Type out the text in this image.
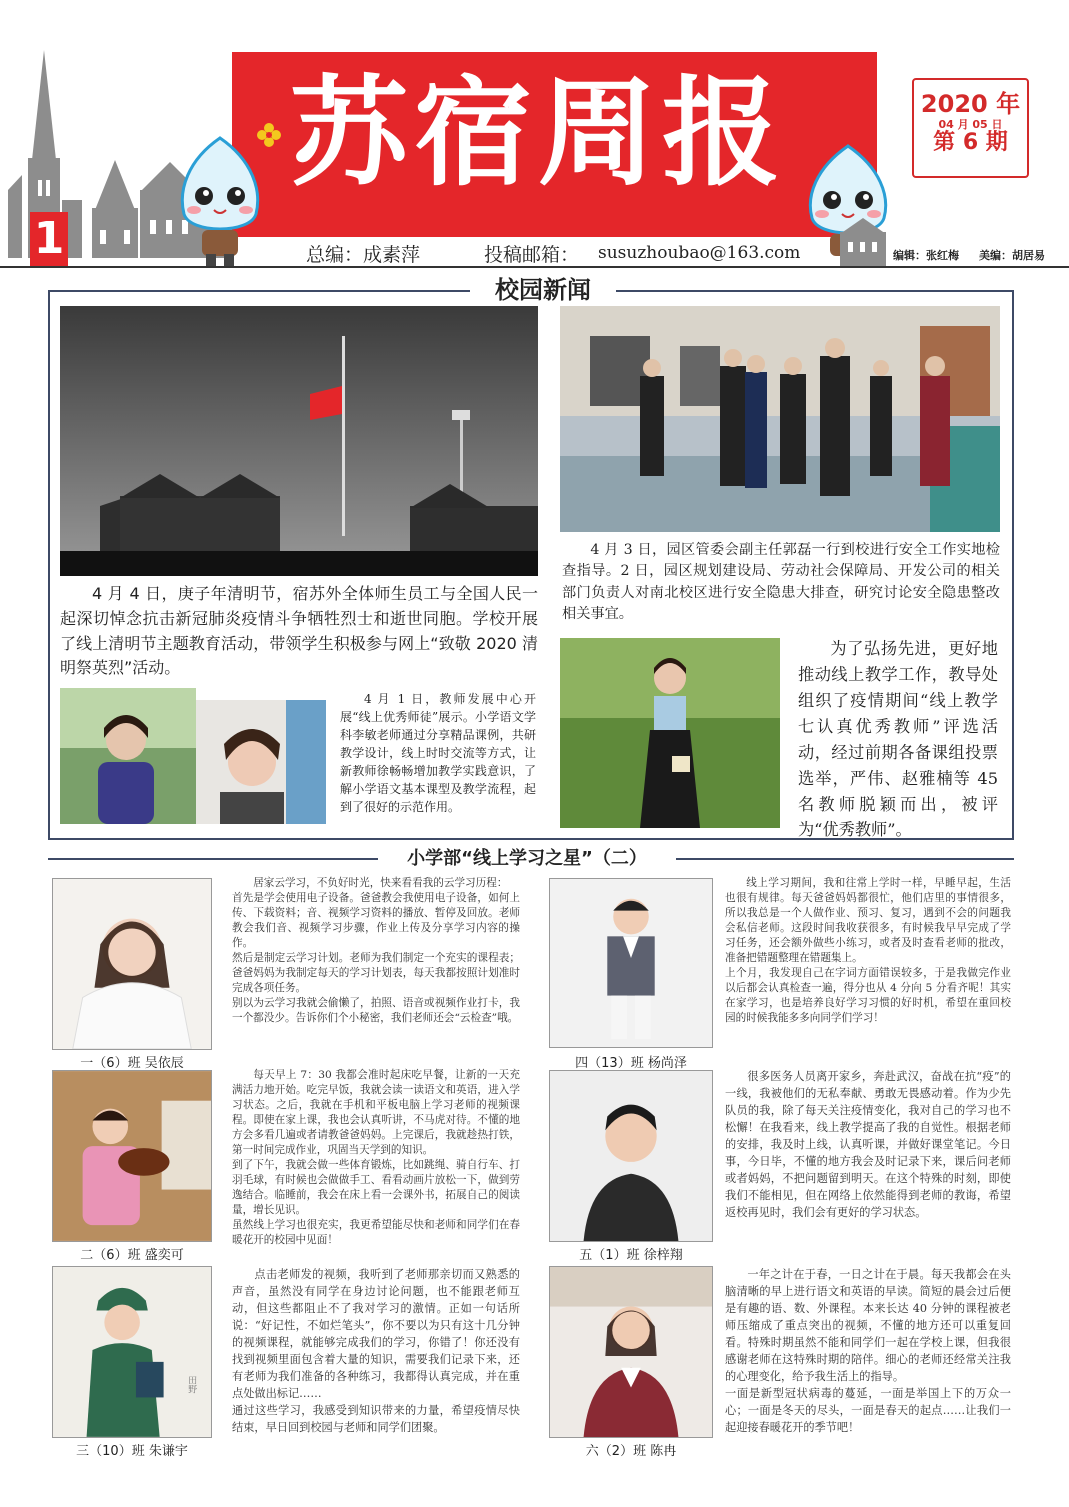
苏宿周报	2020 年
04 月 05 日
第 6 期
1	总编：成素萍	投稿邮箱： susuzhoubao@163.com	编辑：张红梅 美编：胡居易
校园新闻
4 月 4 日，庚子年清明节，宿苏外全体师生员工与全国人民一起深切悼念抗击新冠肺炎疫情斗争牺牲烈士和逝世同胞。学校开展了线上清明节主题教育活动，带领学生积极参与网上“致敬 2020 清明祭英烈”活动。
4 月 3 日，园区管委会副主任郭磊一行到校进行安全工作实地检查指导。2 日，园区规划建设局、劳动社会保障局、开发公司的相关部门负责人对南北校区进行安全隐患大排查，研究讨论安全隐患整改相关事宜。
4 月 1 日，教师发展中心开展“线上优秀师徒”展示。小学语文学科李敏老师通过分享精品课例，共研教学设计，线上时时交流等方式，让新教师徐畅畅增加教学实践意识，了解小学语文基本课型及教学流程，起到了很好的示范作用。
为了弘扬先进，更好地推动线上教学工作，教导处组织了疫情期间“线上教学七认真优秀教师”评选活动，经过前期各备课组投票选举，严伟、赵雅楠等 45 名教师脱颖而出，被评为“优秀教师”。
小学部“线上学习之星”（二）
一（6）班 吴依辰
居家云学习，不负好时光，快来看看我的云学习历程：
首先是学会使用电子设备。爸爸教会我使用电子设备，如何上传、下载资料；音、视频学习资料的播放、暂停及回放。老师教会我们音、视频学习步骤，作业上传及分享学习内容的操作。
然后是制定云学习计划。老师为我们制定一个充实的课程表；爸爸妈妈为我制定每天的学习计划表，每天我都按照计划准时完成各项任务。
别以为云学习我就会偷懒了，拍照、语音或视频作业打卡，我一个都没少。告诉你们个小秘密，我们老师还会“云检查”哦。
四（13）班 杨尚泽
线上学习期间，我和往常上学时一样，早睡早起，生活也很有规律。每天爸爸妈妈都很忙，他们店里的事情很多，所以我总是一个人做作业、预习、复习，遇到不会的问题我会私信老师。这段时间我收获很多，有时候我早早完成了学习任务，还会额外做些小练习，或者及时查看老师的批改，准备把错题整理在错题集上。
上个月，我发现自己在字词方面错误较多，于是我做完作业以后都会认真检查一遍，得分也从 4 分向 5 分看齐呢！其实在家学习，也是培养良好学习习惯的好时机，希望在重回校园的时候我能多多向同学们学习！
二（6）班 盛奕可
每天早上 7：30 我都会准时起床吃早餐，让新的一天充满活力地开始。吃完早饭，我就会读一读语文和英语，进入学习状态。之后，我就在手机和平板电脑上学习老师的视频课程。即使在家上课，我也会认真听讲，不马虎对待。不懂的地方会多看几遍或者请教爸爸妈妈。上完课后，我就趁热打铁，第一时间完成作业，巩固当天学到的知识。
到了下午，我就会做一些体育锻炼，比如跳绳、骑自行车、打羽毛球，有时候也会做做手工、看看动画片放松一下，做到劳逸结合。临睡前，我会在床上看一会课外书，拓展自己的阅读量，增长见识。
虽然线上学习也很充实，我更希望能尽快和老师和同学们在春暖花开的校园中见面！
五（1）班 徐梓翔
很多医务人员离开家乡，奔赴武汉，奋战在抗“疫”的一线，我被他们的无私奉献、勇敢无畏感动着。作为少先队员的我，除了每天关注疫情变化，我对自己的学习也不松懈！在我看来，线上教学提高了我的自觉性。根据老师的安排，我及时上线，认真听课，并做好课堂笔记。今日事，今日毕，不懂的地方我会及时记录下来，课后问老师或者妈妈，不把问题留到明天。在这个特殊的时刻，即使我们不能相见，但在网络上依然能得到老师的教诲，希望返校再见时，我们会有更好的学习状态。
田野
三（10）班 朱谦宇
点击老师发的视频，我听到了老师那亲切而又熟悉的声音，虽然没有同学在身边讨论问题，也不能跟老师互动，但这些都阻止不了我对学习的激情。正如一句话所说：“好记性，不如烂笔头”，你不要以为只有这十几分钟的视频课程，就能够完成我们的学习，你错了！你还没有找到视频里面包含着大量的知识，需要我们记录下来，还有老师为我们准备的各种练习，我都得认真完成，并在重点处做出标记……
通过这些学习，我感受到知识带来的力量，希望疫情尽快结束，早日回到校园与老师和同学们团聚。
六（2）班 陈冉
一年之计在于春，一日之计在于晨。每天我都会在头脑清晰的早上进行语文和英语的早读。简短的晨会过后便是有趣的语、数、外课程。本来长达 40 分钟的课程被老师压缩成了重点突出的视频，不懂的地方还可以重复回看。特殊时期虽然不能和同学们一起在学校上课，但我很感谢老师在这特殊时期的陪伴。细心的老师还经常关注我的心理变化，给予我生活上的指导。
一面是新型冠状病毒的蔓延，一面是举国上下的万众一心；一面是冬天的尽头，一面是春天的起点……让我们一起迎接春暖花开的季节吧！
